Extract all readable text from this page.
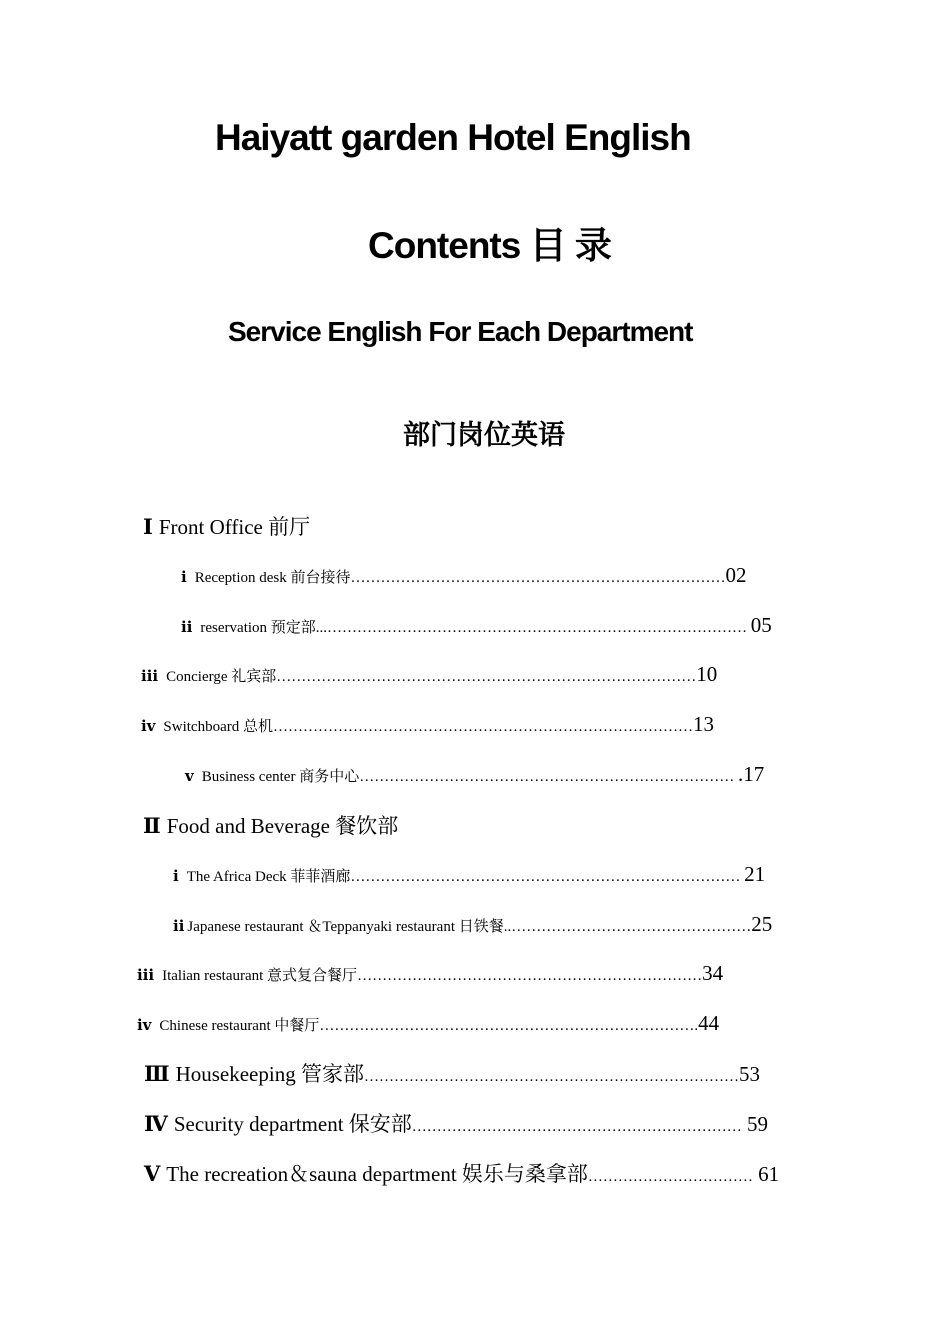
Haiyatt garden Hotel English
Contents 目 录
Service English For Each Department
部门岗位英语
Ⅰ Front Office 前厅
ⅰ Reception desk 前台接待…………………………………………………………………02
ⅱ reservation 预定部...………………………………………………………………………… 05
ⅲ Concierge 礼宾部…………………………………………………………………………10
ⅳ Switchboard 总机…………………………………………………………………………13
ⅴ Business center 商务中心………………………………………………………………… .17
Ⅱ Food and Beverage 餐饮部
ⅰ The Africa Deck 菲菲酒廊…………………………………………………………………… 21
ⅱ Japanese restaurant ＆Teppanyaki restaurant 日铁餐..…………………………………………25
ⅲ Italian restaurant 意式复合餐厅……………………………………………………………34
ⅳ Chinese restaurant 中餐厅………………………………………………………………….44
Ⅲ Housekeeping 管家部…………………………………………………………………53
Ⅳ Security department 保安部………………………………………………………… 59
Ⅴ The recreation＆sauna department 娱乐与桑拿部…………………………… 61
